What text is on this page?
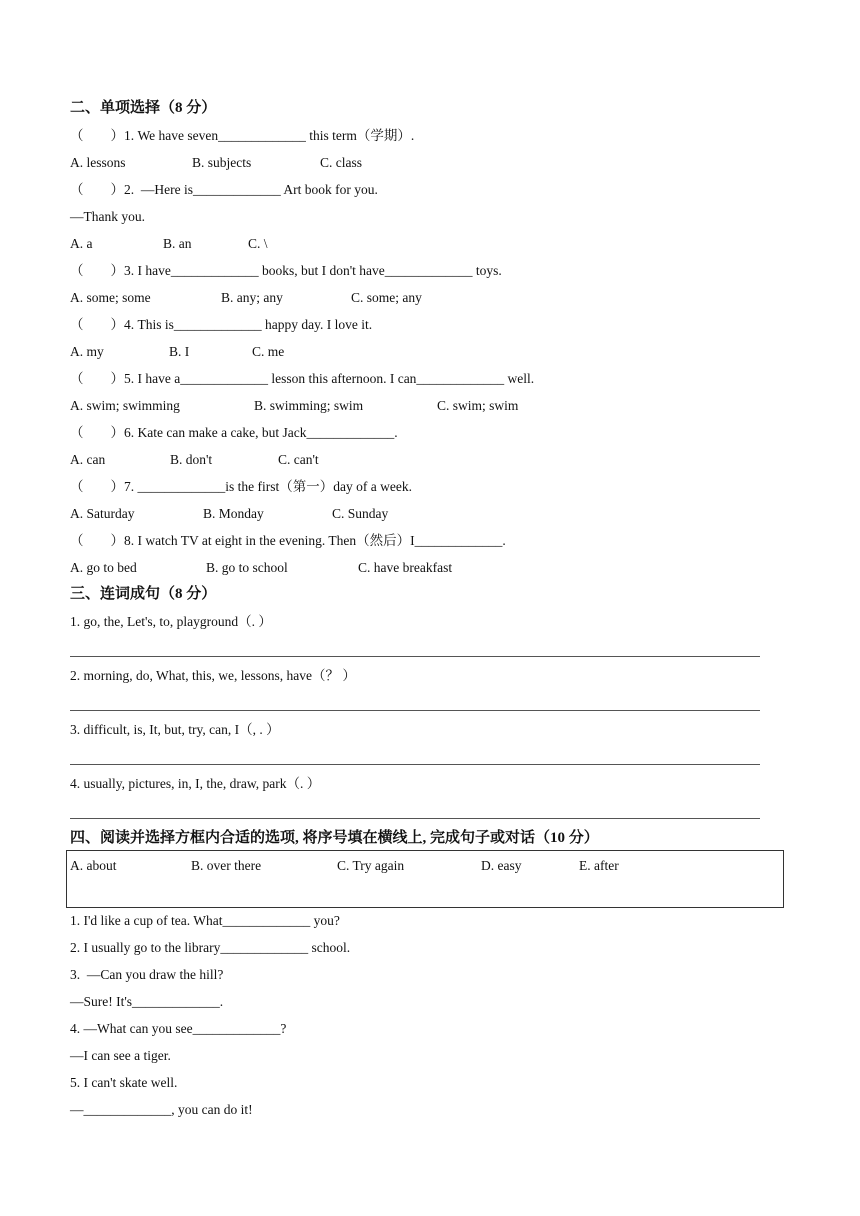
二、单项选择（8 分）
（        ）1. We have seven_____________ this term（学期）.
A. lessons	B. subjects	C. class
（        ）2.  —Here is_____________ Art book for you.
—Thank you.
A. a	B. an	C. \
（        ）3. I have_____________ books, but I don't have_____________ toys.
A. some; some	B. any; any	C. some; any
（        ）4. This is_____________ happy day. I love it.
A. my	B. I	C. me
（        ）5. I have a_____________ lesson this afternoon. I can_____________ well.
A. swim; swimming	B. swimming; swim	C. swim; swim
（        ）6. Kate can make a cake, but Jack_____________.
A. can	B. don't	C. can't
（        ）7. _____________is the first（第一）day of a week.
A. Saturday	B. Monday	C. Sunday
（        ）8. I watch TV at eight in the evening. Then（然后）I_____________.
A. go to bed	B. go to school	C. have breakfast
三、连词成句（8 分）
1. go, the, Let's, to, playground（. ）
2. morning, do, What, this, we, lessons, have（？ ）
3. difficult, is, It, but, try, can, I（, . ）
4. usually, pictures, in, I, the, draw, park（. ）
四、阅读并选择方框内合适的选项, 将序号填在横线上, 完成句子或对话（10 分）
A. about	B. over there	C. Try again	D. easy	E. after
1. I'd like a cup of tea. What_____________ you?
2. I usually go to the library_____________ school.
3.  —Can you draw the hill?
—Sure! It's_____________.
4. —What can you see_____________?
—I can see a tiger.
5. I can't skate well.
—_____________, you can do it!
